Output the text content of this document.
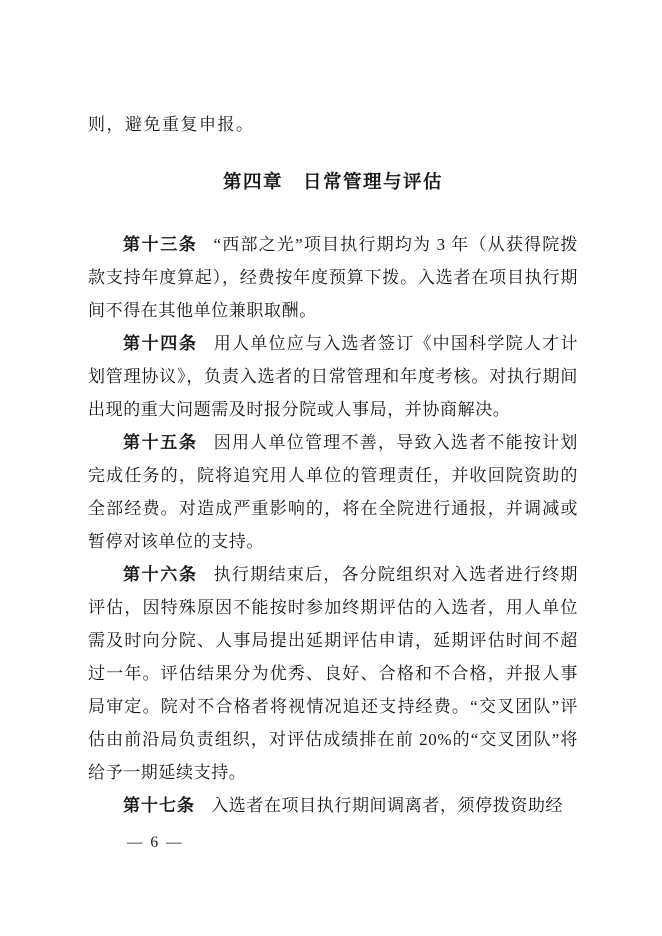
则，避免重复申报。

第四章　日常管理与评估

第十三条 “西部之光”项目执行期均为 3 年（从获得院拨款支持年度算起），经费按年度预算下拨。入选者在项目执行期间不得在其他单位兼职取酬。

第十四条 用人单位应与入选者签订《中国科学院人才计划管理协议》，负责入选者的日常管理和年度考核。对执行期间出现的重大问题需及时报分院或人事局，并协商解决。

第十五条 因用人单位管理不善，导致入选者不能按计划完成任务的，院将追究用人单位的管理责任，并收回院资助的全部经费。对造成严重影响的，将在全院进行通报，并调减或暂停对该单位的支持。

第十六条 执行期结束后，各分院组织对入选者进行终期评估，因特殊原因不能按时参加终期评估的入选者，用人单位需及时向分院、人事局提出延期评估申请，延期评估时间不超过一年。评估结果分为优秀、良好、合格和不合格，并报人事局审定。院对不合格者将视情况追还支持经费。“交叉团队”评估由前沿局负责组织，对评估成绩排在前 20%的“交叉团队”将给予一期延续支持。

第十七条 入选者在项目执行期间调离者，须停拨资助经

— 6 —
